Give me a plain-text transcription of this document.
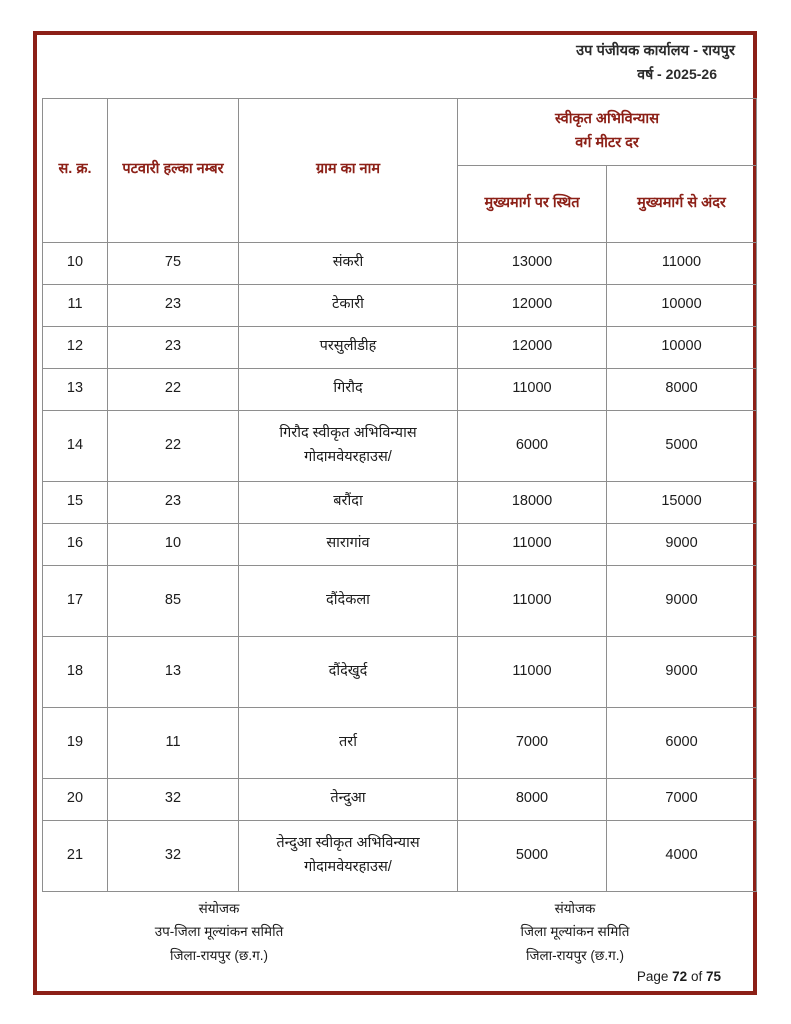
उप पंजीयक कार्यालय - रायपुर
वर्ष - 2025-26
स. क्र.	पटवारी हल्का नम्बर	ग्राम का नाम	स्वीकृत अभिविन्यास
वर्ग मीटर दर	

			मुख्यमार्ग पर स्थित	मुख्यमार्ग से अंदर
10	75	संकरी	13000	11000
11	23	टेकारी	12000	10000
12	23	परसुलीडीह	12000	10000
13	22	गिरौद	11000	8000
14	22	गिरौद स्वीकृत अभिविन्यास
गोदामवेयरहाउस/	6000	5000
15	23	बरौंदा	18000	15000
16	10	सारागांव	11000	9000
17	85	दौंदेकला	11000	9000
18	13	दौंदेखुर्द	11000	9000
19	11	तर्रा	7000	6000
20	32	तेन्दुआ	8000	7000
21	32	तेन्दुआ स्वीकृत अभिविन्यास
गोदामवेयरहाउस/	5000	4000
संयोजक
उप-जिला मूल्यांकन समिति
जिला-रायपुर (छ.ग.)
संयोजक
जिला मूल्यांकन समिति
जिला-रायपुर (छ.ग.)
Page 72 of 75
